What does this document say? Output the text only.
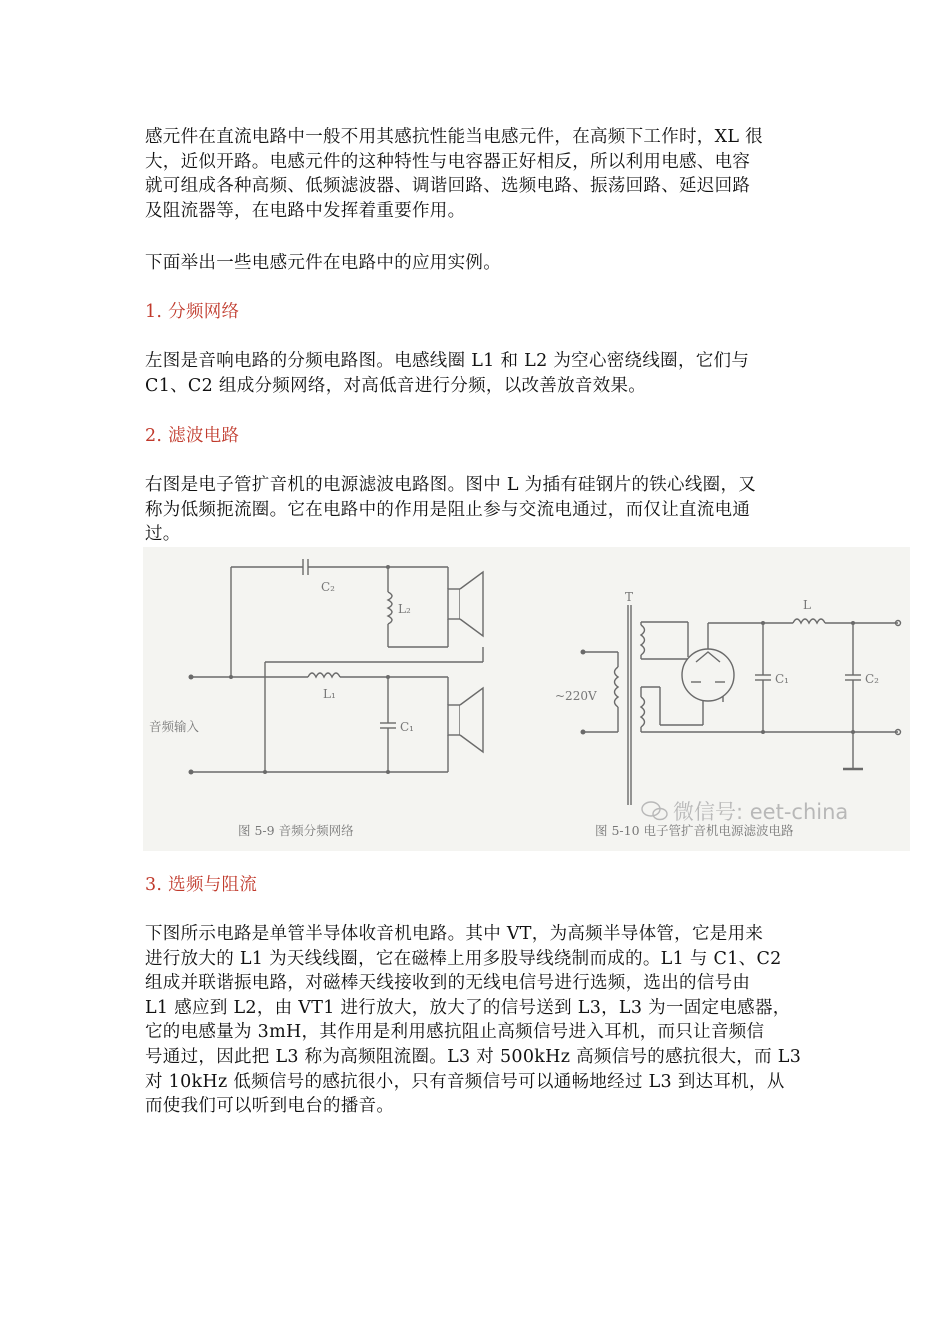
感元件在直流电路中一般不用其感抗性能当电感元件，在高频下工作时，XL 很
大，近似开路。电感元件的这种特性与电容器正好相反，所以利用电感、电容
就可组成各种高频、低频滤波器、调谐回路、选频电路、振荡回路、延迟回路
及阻流器等，在电路中发挥着重要作用。

下面举出一些电感元件在电路中的应用实例。

1. 分频网络

左图是音响电路的分频电路图。电感线圈 L1 和 L2 为空心密绕线圈，它们与
C1、C2 组成分频网络，对高低音进行分频，以改善放音效果。

2. 滤波电路

右图是电子管扩音机的电源滤波电路图。图中 L 为插有硅钢片的铁心线圈，又
称为低频扼流圈。它在电路中的作用是阻止参与交流电通过，而仅让直流电通
过。
C₂
L₂
L₁
C₁
音频输入
图 5-9 音频分频网络
T
L
~220V
C₁	C₂
图 5-10 电子管扩音机电源滤波电路
微信号: eet-china

3. 选频与阻流

下图所示电路是单管半导体收音机电路。其中 VT，为高频半导体管，它是用来
进行放大的 L1 为天线线圈，它在磁棒上用多股导线绕制而成的。L1 与 C1、C2
组成并联谐振电路，对磁棒天线接收到的无线电信号进行选频，选出的信号由
L1 感应到 L2，由 VT1 进行放大，放大了的信号送到 L3，L3 为一固定电感器，
它的电感量为 3mH，其作用是利用感抗阻止高频信号进入耳机，而只让音频信
号通过，因此把 L3 称为高频阻流圈。L3 对 500kHz 高频信号的感抗很大，而 L3
对 10kHz 低频信号的感抗很小，只有音频信号可以通畅地经过 L3 到达耳机，从
而使我们可以听到电台的播音。
